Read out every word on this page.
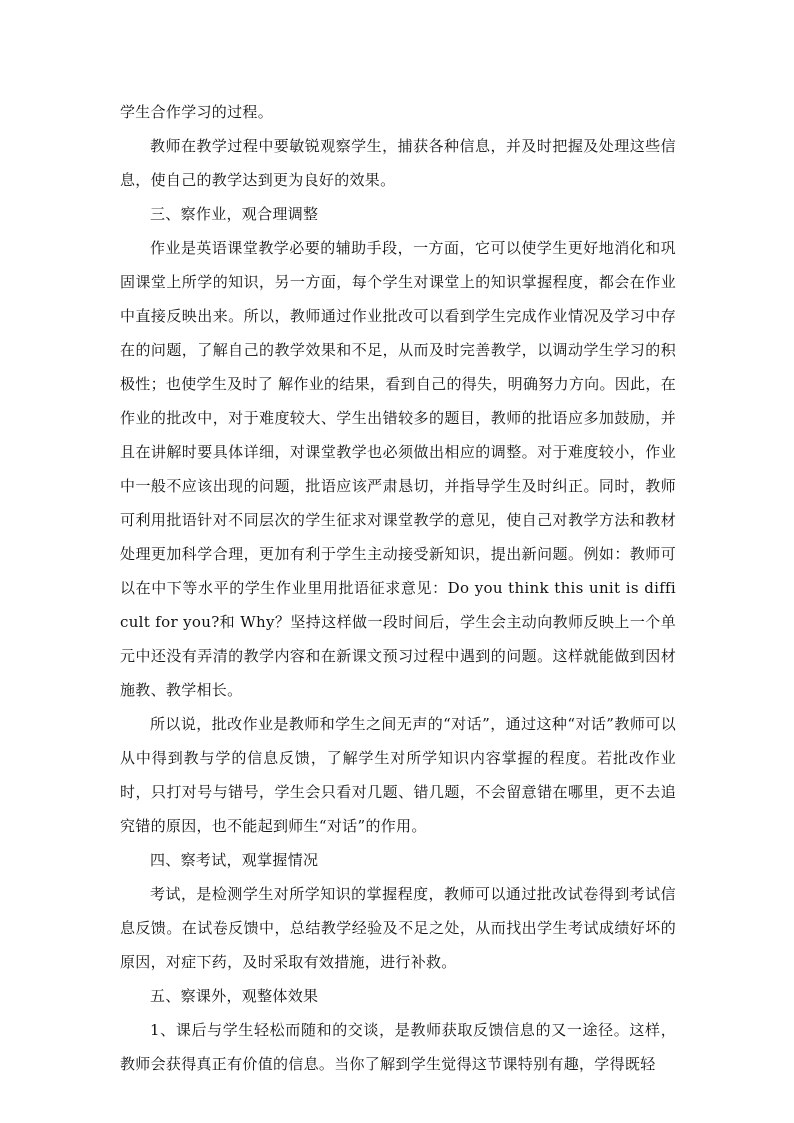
学生合作学习的过程。

教师在教学过程中要敏锐观察学生，捕获各种信息，并及时把握及处理这些信息，使自己的教学达到更为良好的效果。

三、察作业，观合理调整

作业是英语课堂教学必要的辅助手段，一方面，它可以使学生更好地消化和巩固课堂上所学的知识，另一方面，每个学生对课堂上的知识掌握程度，都会在作业中直接反映出来。所以，教师通过作业批改可以看到学生完成作业情况及学习中存在的问题，了解自己的教学效果和不足，从而及时完善教学，以调动学生学习的积极性；也使学生及时了 解作业的结果，看到自己的得失，明确努力方向。因此，在作业的批改中，对于难度较大、学生出错较多的题目，教师的批语应多加鼓励，并且在讲解时要具体详细，对课堂教学也必须做出相应的调整。对于难度较小，作业中一般不应该出现的问题，批语应该严肃恳切，并指导学生及时纠正。同时，教师可利用批语针对不同层次的学生征求对课堂教学的意见，使自己对教学方法和教材处理更加科学合理，更加有利于学生主动接受新知识，提出新问题。例如：教师可以在中下等水平的学生作业里用批语征求意见：Do you think this unit is difficult for you?和 Why？坚持这样做一段时间后，学生会主动向教师反映上一个单元中还没有弄清的教学内容和在新课文预习过程中遇到的问题。这样就能做到因材施教、教学相长。

所以说，批改作业是教师和学生之间无声的“对话”，通过这种“对话”教师可以从中得到教与学的信息反馈，了解学生对所学知识内容掌握的程度。若批改作业时，只打对号与错号，学生会只看对几题、错几题，不会留意错在哪里，更不去追究错的原因，也不能起到师生“对话”的作用。

四、察考试，观掌握情况

考试，是检测学生对所学知识的掌握程度，教师可以通过批改试卷得到考试信息反馈。在试卷反馈中，总结教学经验及不足之处，从而找出学生考试成绩好坏的原因，对症下药，及时采取有效措施，进行补救。

五、察课外，观整体效果

1、课后与学生轻松而随和的交谈，是教师获取反馈信息的又一途径。这样，教师会获得真正有价值的信息。当你了解到学生觉得这节课特别有趣，学得既轻
